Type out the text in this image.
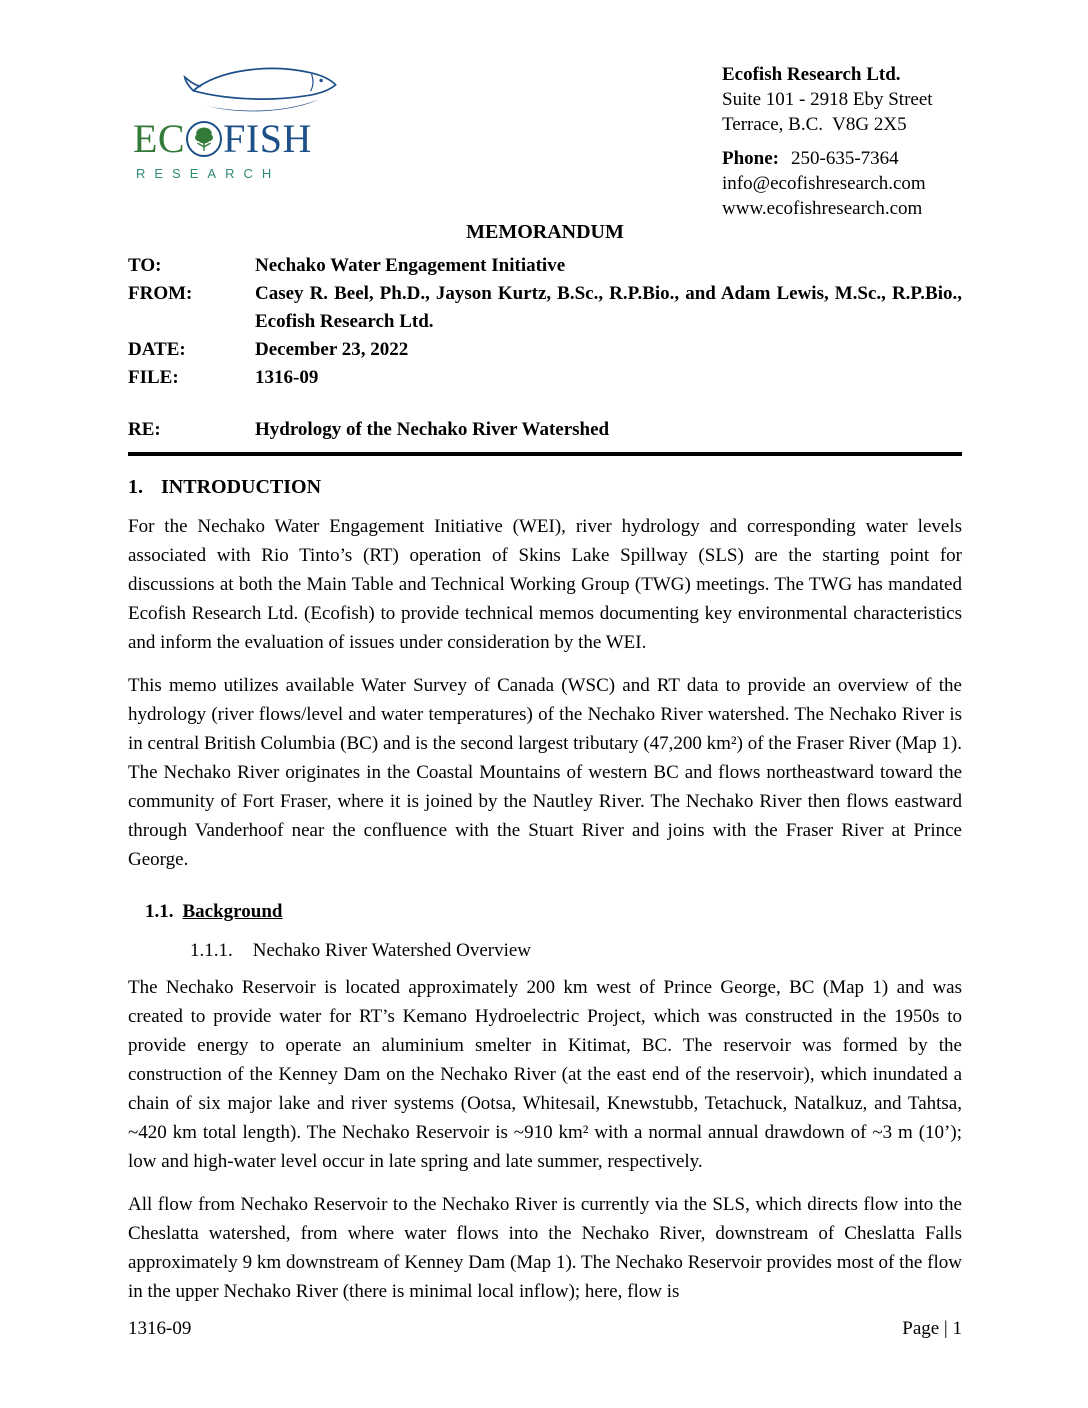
EC FISH
RESEARCH
Ecofish Research Ltd.
Suite 101 - 2918 Eby Street
Terrace, B.C.  V8G 2X5
Phone: 250-635-7364
info@ecofishresearch.com
www.ecofishresearch.com
MEMORANDUM
TO:	Nechako Water Engagement Initiative
FROM:	Casey R. Beel, Ph.D., Jayson Kurtz, B.Sc., R.P.Bio., and Adam Lewis, M.Sc., R.P.Bio., Ecofish Research Ltd.
DATE:	December 23, 2022
FILE:	1316-09
RE:	Hydrology of the Nechako River Watershed
1. INTRODUCTION

For the Nechako Water Engagement Initiative (WEI), river hydrology and corresponding water levels associated with Rio Tinto’s (RT) operation of Skins Lake Spillway (SLS) are the starting point for discussions at both the Main Table and Technical Working Group (TWG) meetings. The TWG has mandated Ecofish Research Ltd. (Ecofish) to provide technical memos documenting key environmental characteristics and inform the evaluation of issues under consideration by the WEI.

This memo utilizes available Water Survey of Canada (WSC) and RT data to provide an overview of the hydrology (river flows/level and water temperatures) of the Nechako River watershed. The Nechako River is in central British Columbia (BC) and is the second largest tributary (47,200 km²) of the Fraser River (Map 1). The Nechako River originates in the Coastal Mountains of western BC and flows northeastward toward the community of Fort Fraser, where it is joined by the Nautley River. The Nechako River then flows eastward through Vanderhoof near the confluence with the Stuart River and joins with the Fraser River at Prince George.

1.1. Background
1.1.1. Nechako River Watershed Overview

The Nechako Reservoir is located approximately 200 km west of Prince George, BC (Map 1) and was created to provide water for RT’s Kemano Hydroelectric Project, which was constructed in the 1950s to provide energy to operate an aluminium smelter in Kitimat, BC. The reservoir was formed by the construction of the Kenney Dam on the Nechako River (at the east end of the reservoir), which inundated a chain of six major lake and river systems (Ootsa, Whitesail, Knewstubb, Tetachuck, Natalkuz, and Tahtsa, ~420 km total length). The Nechako Reservoir is ~910 km² with a normal annual drawdown of ~3 m (10’); low and high-water level occur in late spring and late summer, respectively.

All flow from Nechako Reservoir to the Nechako River is currently via the SLS, which directs flow into the Cheslatta watershed, from where water flows into the Nechako River, downstream of Cheslatta Falls approximately 9 km downstream of Kenney Dam (Map 1). The Nechako Reservoir provides most of the flow in the upper Nechako River (there is minimal local inflow); here, flow is

1316-09	Page | 1
